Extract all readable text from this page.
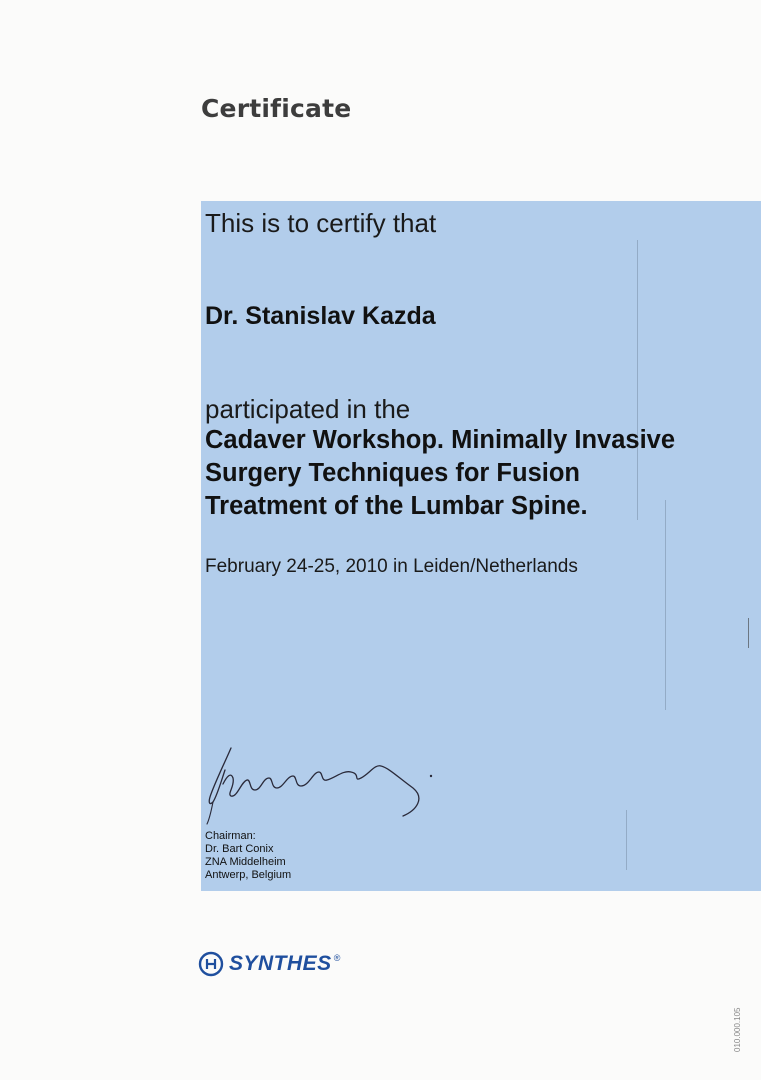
Certificate

This is to certify that

Dr. Stanislav Kazda

participated in the

Cadaver Workshop. Minimally Invasive
Surgery Techniques for Fusion
Treatment of the Lumbar Spine.

February 24-25, 2010 in Leiden/Netherlands

Chairman:
Dr. Bart Conix
ZNA Middelheim
Antwerp, Belgium
SYNTHES ®
010.000.105
